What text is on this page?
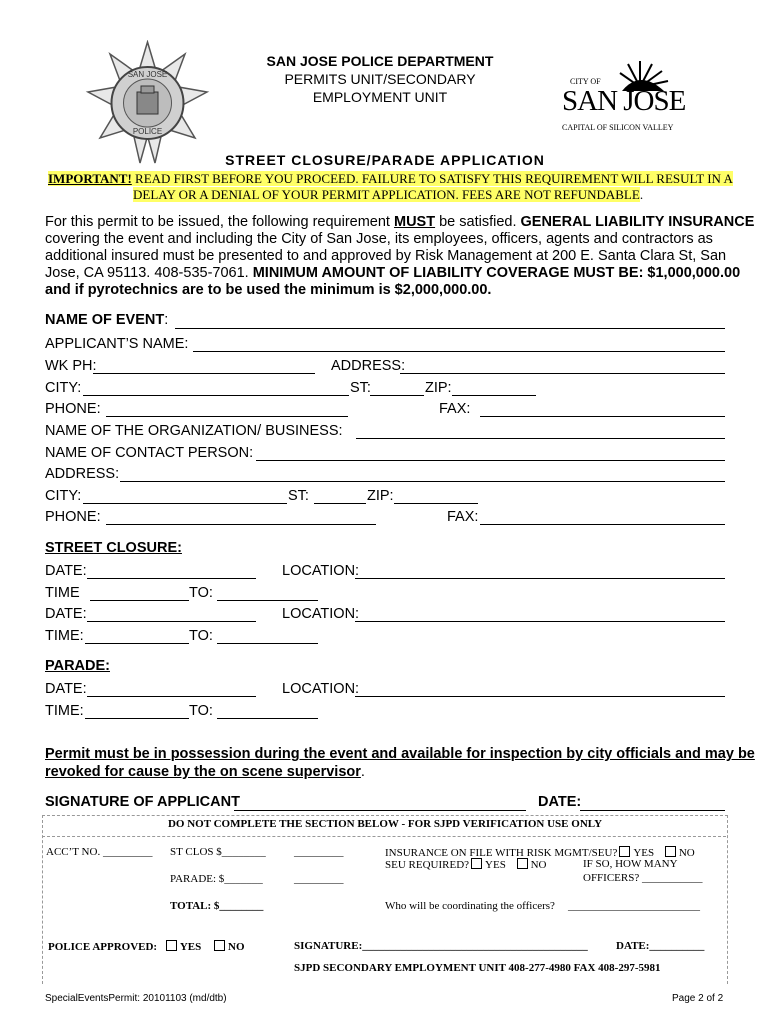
SAN JOSE
POLICE
SAN JOSE POLICE DEPARTMENT
PERMITS UNIT/SECONDARY
EMPLOYMENT UNIT
CITY OF
SAN JOSE
CAPITAL OF SILICON VALLEY
STREET CLOSURE/PARADE APPLICATION
IMPORTANT! READ FIRST BEFORE YOU PROCEED. FAILURE TO SATISFY THIS REQUIREMENT WILL RESULT IN A
DELAY OR A DENIAL OF YOUR PERMIT APPLICATION. FEES ARE NOT REFUNDABLE.
For this permit to be issued, the following requirement MUST be satisfied. GENERAL LIABILITY INSURANCE
covering the event and including the City of San Jose, its employees, officers, agents and contractors as
additional insured must be presented to and approved by Risk Management at 200 E. Santa Clara St, San
Jose, CA 95113. 408-535-7061. MINIMUM AMOUNT OF LIABILITY COVERAGE MUST BE: $1,000,000.00
and if pyrotechnics are to be used the minimum is $2,000,000.00.
NAME OF EVENT:
APPLICANT’S NAME:
WK PH:	ADDRESS:
CITY:	ST:	ZIP:
PHONE:	FAX:
NAME OF THE ORGANIZATION/ BUSINESS:
NAME OF CONTACT PERSON:
ADDRESS:
CITY:	ST:	ZIP:
PHONE:	FAX:
STREET CLOSURE:
DATE:	LOCATION:
TIME	TO:
DATE:	LOCATION:
TIME:	TO:
PARADE:
DATE:	LOCATION:
TIME:	TO:
Permit must be in possession during the event and available for inspection by city officials and may be
revoked for cause by the on scene supervisor.
SIGNATURE OF APPLICANT	DATE:
DO NOT COMPLETE THE SECTION BELOW - FOR SJPD VERIFICATION USE ONLY
ACC’T NO. _________ ST CLOS $________	_________
PARADE: $_______	_________
TOTAL: $________
INSURANCE ON FILE WITH RISK MGMT/SEU? YES NO
SEU REQUIRED? YES NO	IF SO, HOW MANY
OFFICERS? ___________
Who will be coordinating the officers? ________________________
POLICE APPROVED: YES NO	SIGNATURE:_________________________________________	DATE:__________
SJPD SECONDARY EMPLOYMENT UNIT 408-277-4980 FAX 408-297-5981
SpecialEventsPermit: 20101103 (md/dtb)	Page 2 of 2
